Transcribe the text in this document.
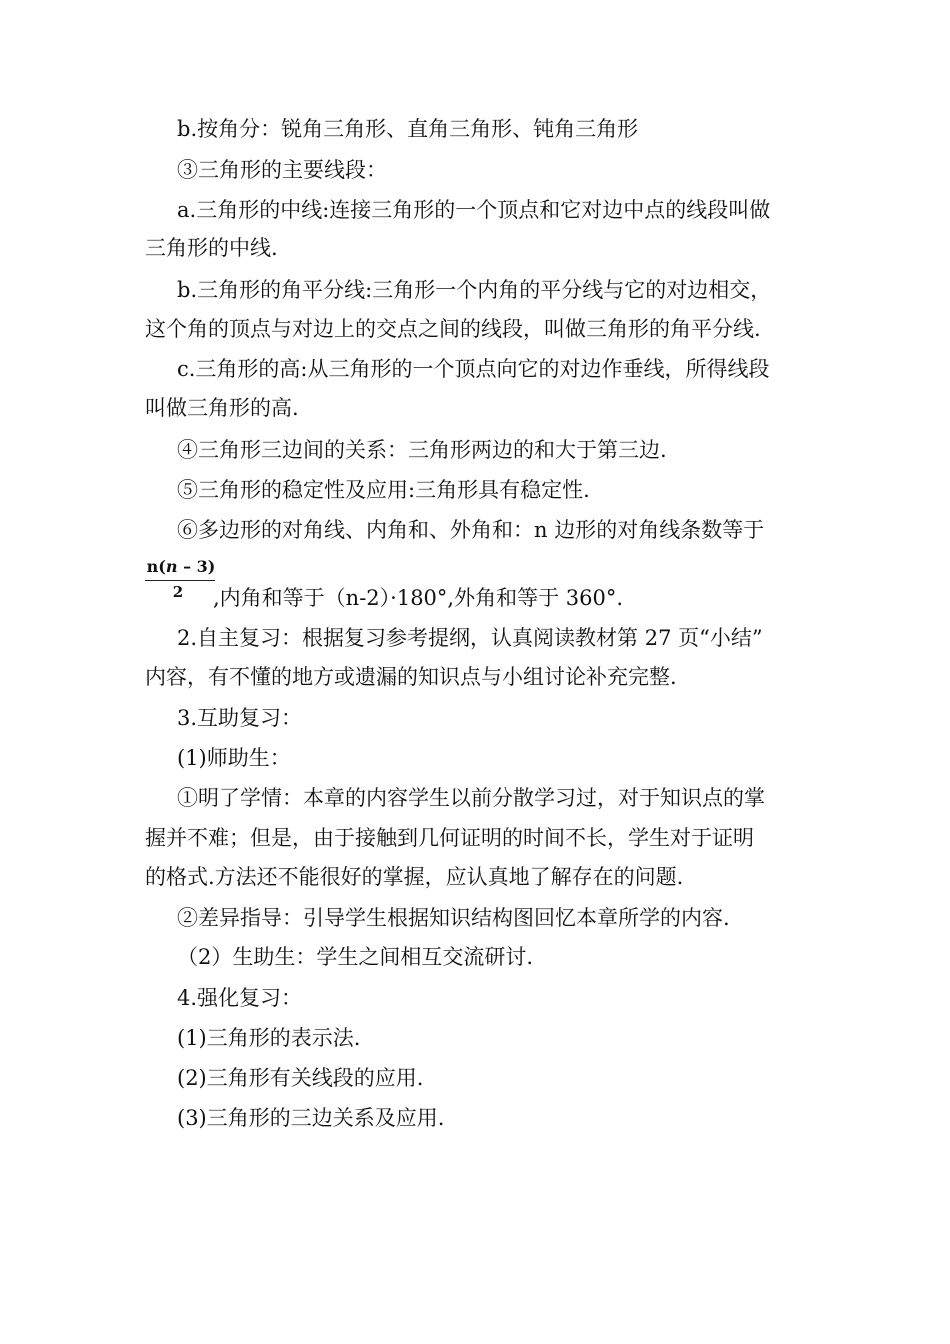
b.按角分：锐角三角形、直角三角形、钝角三角形
③三角形的主要线段：
a.三角形的中线:连接三角形的一个顶点和它对边中点的线段叫做
三角形的中线.
b.三角形的角平分线:三角形一个内角的平分线与它的对边相交，
这个角的顶点与对边上的交点之间的线段，叫做三角形的角平分线.
c.三角形的高:从三角形的一个顶点向它的对边作垂线，所得线段
叫做三角形的高.
④三角形三边间的关系：三角形两边的和大于第三边.
⑤三角形的稳定性及应用:三角形具有稳定性.
⑥多边形的对角线、内角和、外角和：n 边形的对角线条数等于
n(n – 3)
2	,内角和等于（n-2）·180°,外角和等于 360°.
2.自主复习：根据复习参考提纲，认真阅读教材第 27 页“小结”
内容，有不懂的地方或遗漏的知识点与小组讨论补充完整.
3.互助复习：
(1)师助生：
①明了学情：本章的内容学生以前分散学习过，对于知识点的掌
握并不难；但是，由于接触到几何证明的时间不长，学生对于证明
的格式.方法还不能很好的掌握，应认真地了解存在的问题.
②差异指导：引导学生根据知识结构图回忆本章所学的内容.
（2）生助生：学生之间相互交流研讨.
4.强化复习：
(1)三角形的表示法.
(2)三角形有关线段的应用.
(3)三角形的三边关系及应用.
